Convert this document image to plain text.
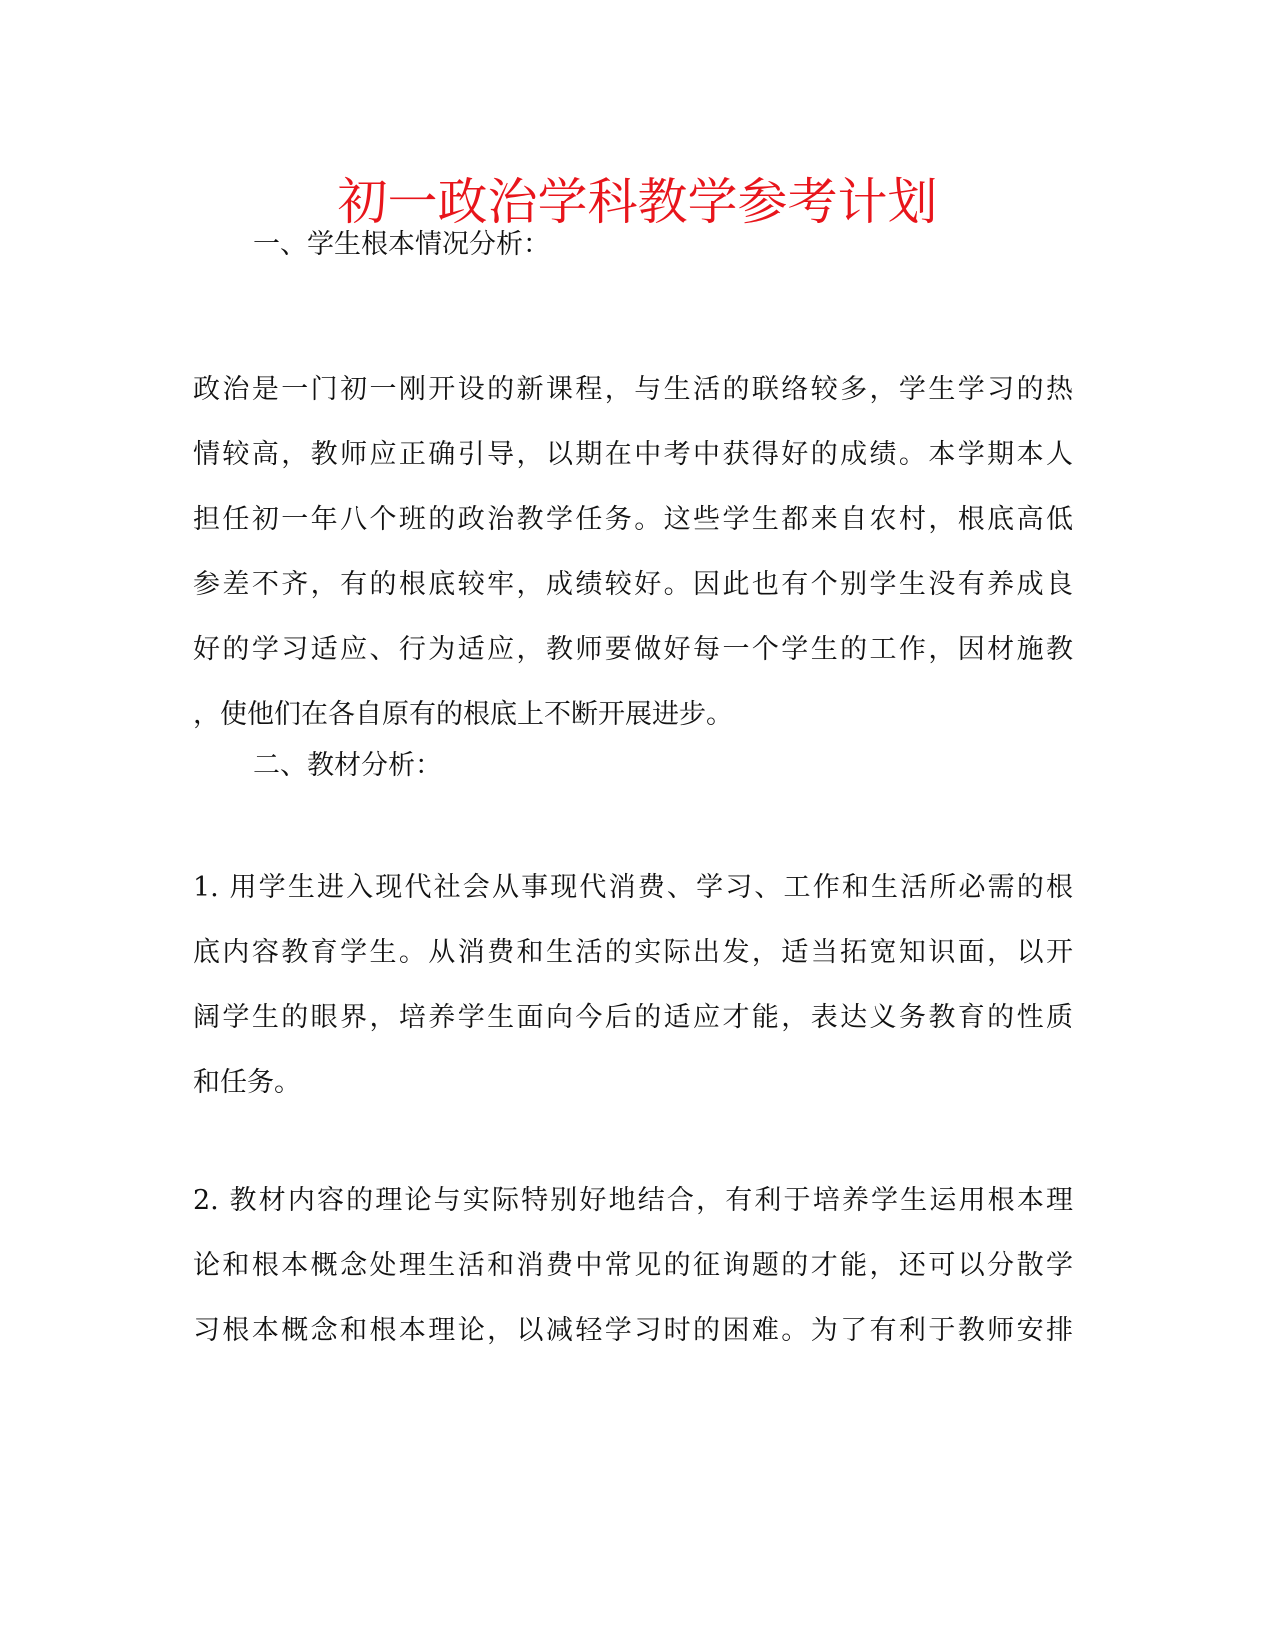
初一政治学科教学参考计划
一、学生根本情况分析：
政治是一门初一刚开设的新课程，与生活的联络较多，学生学习的热
情较高，教师应正确引导，以期在中考中获得好的成绩。本学期本人
担任初一年八个班的政治教学任务。这些学生都来自农村，根底高低
参差不齐，有的根底较牢，成绩较好。因此也有个别学生没有养成良
好的学习适应、行为适应，教师要做好每一个学生的工作，因材施教
，使他们在各自原有的根底上不断开展进步。
二、教材分析：
1. 用学生进入现代社会从事现代消费、学习、工作和生活所必需的根
底内容教育学生。从消费和生活的实际出发，适当拓宽知识面，以开
阔学生的眼界，培养学生面向今后的适应才能，表达义务教育的性质
和任务。
2. 教材内容的理论与实际特别好地结合，有利于培养学生运用根本理
论和根本概念处理生活和消费中常见的征询题的才能，还可以分散学
习根本概念和根本理论，以减轻学习时的困难。为了有利于教师安排
